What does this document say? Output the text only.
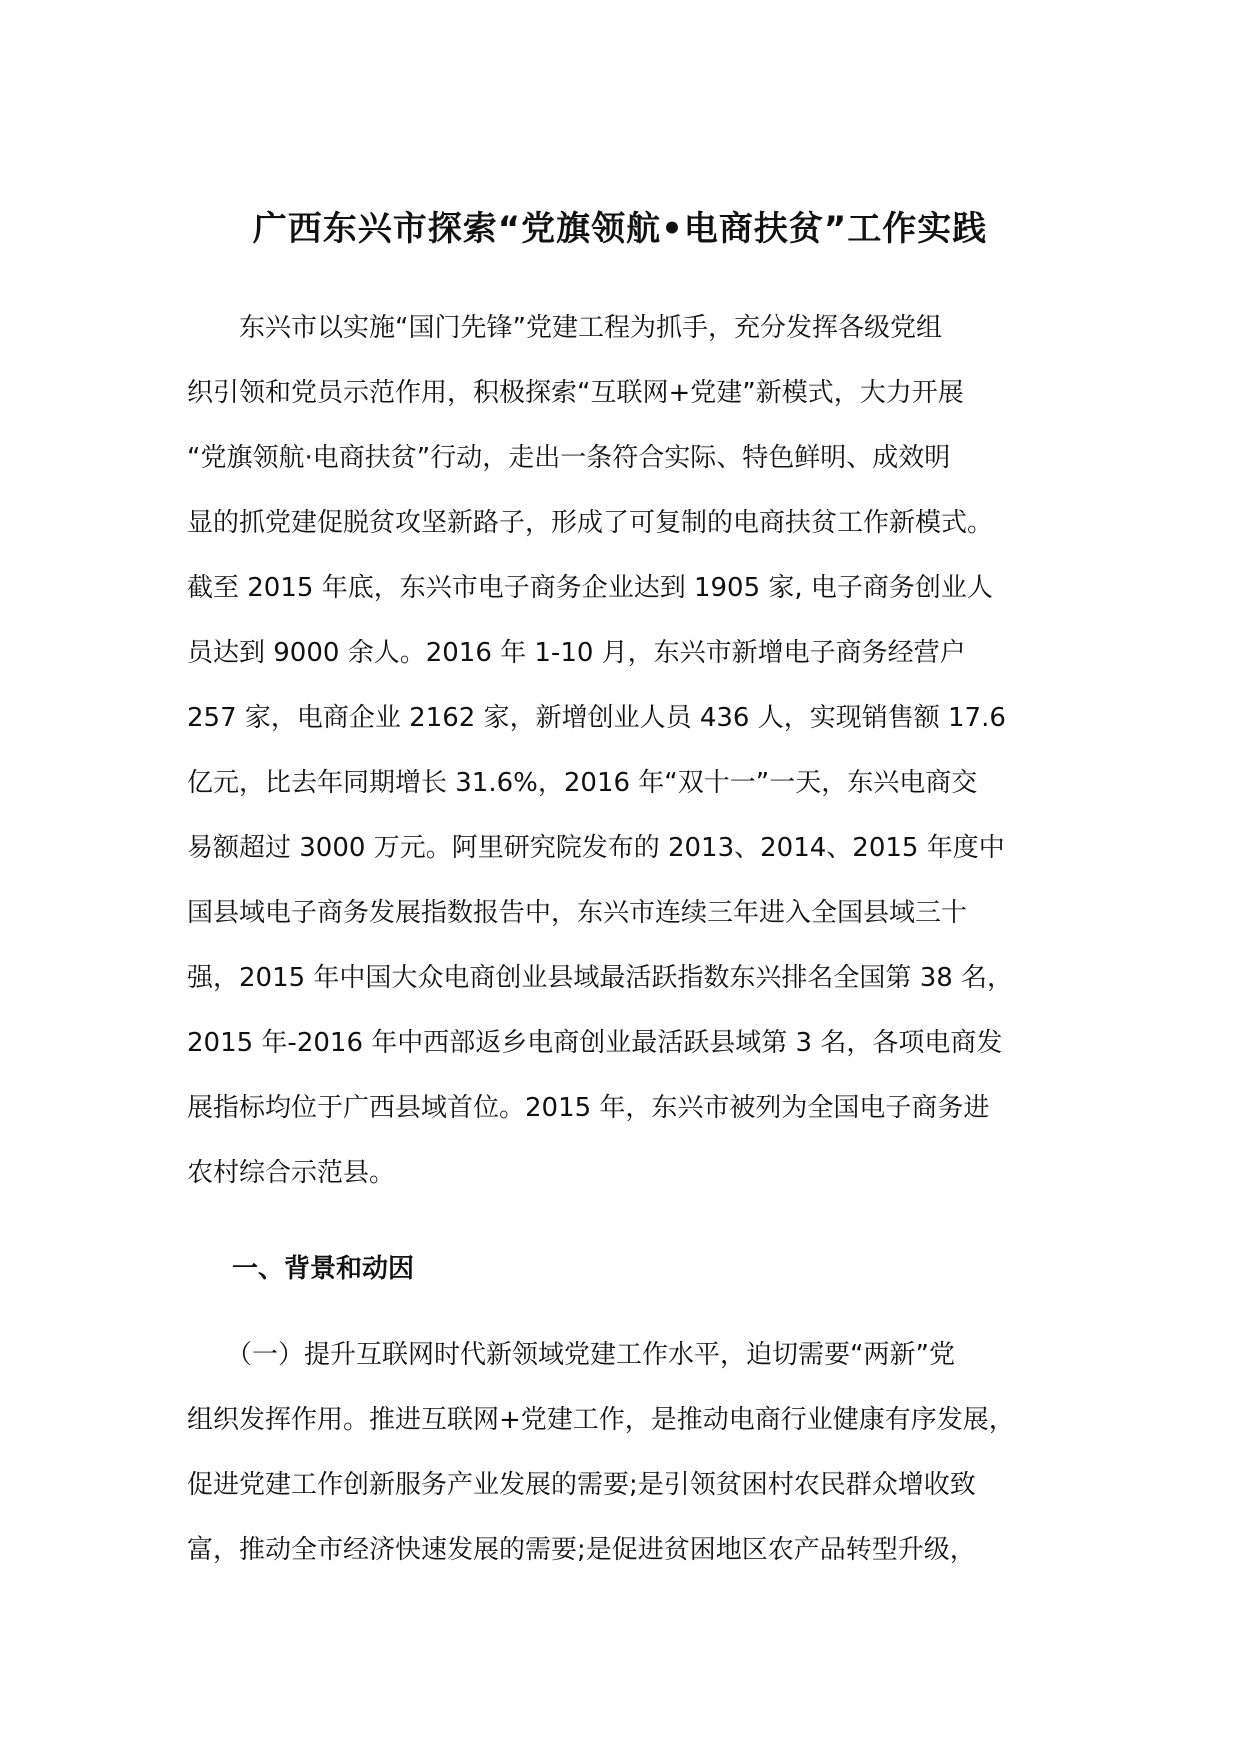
广西东兴市探索“党旗领航•电商扶贫”工作实践
　　东兴市以实施“国门先锋”党建工程为抓手，充分发挥各级党组
织引领和党员示范作用，积极探索“互联网+党建”新模式，大力开展
“党旗领航·电商扶贫”行动，走出一条符合实际、特色鲜明、成效明
显的抓党建促脱贫攻坚新路子，形成了可复制的电商扶贫工作新模式。
截至 2015 年底，东兴市电子商务企业达到 1905 家, 电子商务创业人
员达到 9000 余人。2016 年 1-10 月，东兴市新增电子商务经营户
257 家，电商企业 2162 家，新增创业人员 436 人，实现销售额 17.6
亿元，比去年同期增长 31.6%，2016 年“双十一”一天，东兴电商交
易额超过 3000 万元。阿里研究院发布的 2013、2014、2015 年度中
国县域电子商务发展指数报告中，东兴市连续三年进入全国县域三十
强，2015 年中国大众电商创业县域最活跃指数东兴排名全国第 38 名，
2015 年-2016 年中西部返乡电商创业最活跃县域第 3 名，各项电商发
展指标均位于广西县域首位。2015 年，东兴市被列为全国电子商务进
农村综合示范县。
一、背景和动因
　　（一）提升互联网时代新领域党建工作水平，迫切需要“两新”党
组织发挥作用。推进互联网+党建工作，是推动电商行业健康有序发展，
促进党建工作创新服务产业发展的需要;是引领贫困村农民群众增收致
富，推动全市经济快速发展的需要;是促进贫困地区农产品转型升级，
